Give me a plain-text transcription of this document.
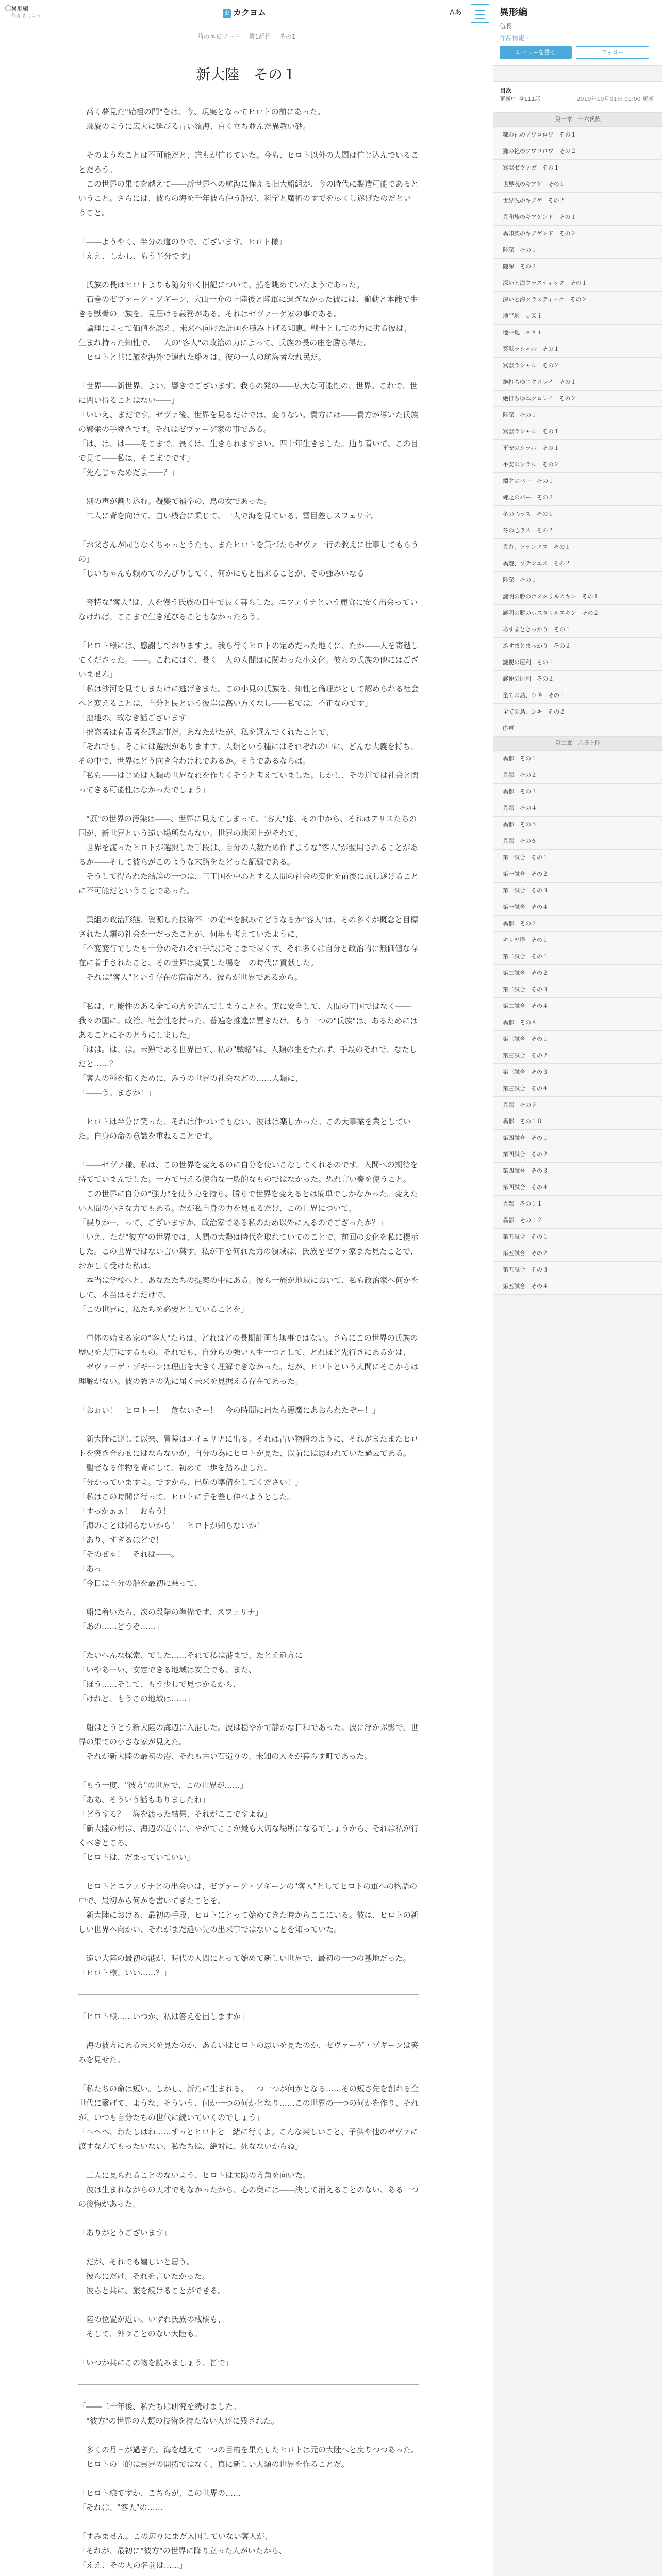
異形編
作者 きくよう
カ カクヨム	Aあ
前のエピソード 第1話目 その1
新大陸　その１

　高く夢見た"始祖の門"をは、今、現実となってヒロトの前にあった。
　螺旋のように広大に延びる青い領海、白く立ち並んだ異教い砂。

　そのようなことは不可能だと、誰もが信じていた。今も、ヒロト以外の人間は信じ込んでいることだろう。
　この世界の果てを越えて――新世界への航海に備える旧大船組が、今の時代に製造可能であるということ。さらには、彼らの海を千年彼ら仲う船が、科学と魔術のすでを尽くし遂げたのだということ。

「――ようやく、半分の道のりで、ございます、ヒロト様」
「ええ、しかし、もう半分です」

　氏族の長はヒロトよりも随分年く旧記について、船を眺めていたようであった。
　石巻のゼヴァーゲ・ゾギーン、大山一介の上陸後と陸軍に過ぎなかった彼には、衝動と本能で生きる獣骨の一族を、見届ける義務がある。それはゼヴァーゲ家の事である。
　論理によって価値を認え、未来へ向けた計画を積み上げる知恵。戦士としての力に劣る彼は、生まれ持った知性で、一人の"客人"の政治の力によって、氏族の長の座を勝ち得た。
　ヒロトと共に旅を海外で連れた船々は、彼の一人の航海者なれ民だ。

「世界――新世界、よい、響きでございます。我らの発の――広大な可能性の、世界。これで、世に問い得ることはない――」
「いいえ、まだです。ゼヴァ後、世界を見るだけでは、変りない。貴方には――貴方が導いた氏族の繁栄の手続きです。それはゼヴァーゲ家の事である。
「は、は、は――そこまで。長くは、生きられますまい。四十年生きました。辿り着いて、この目で見て――私は、そこまでです」
「死んじゃためだよ――？」

　別の声が割り込む。擬髪で補拳の、鳥の女であった。
　二人に背を向けて、白い桟台に乗じて、一人で海を見ている。雪目差しスフェリナ。

「お父さんが同じなくちゃっとうたも、またヒロトを集づたらゼヴァ一行の教えに仕事してもらうの」
「じいちゃんも頼めてのんびりしてく、何かにもと出来ることが、その強みいなる」

　奇特な"客人"は、人を慢う氏族の日中で長く暮らした。エフェリナという麗食に安く出会っていなければ、ここまで生き延びることもなかったろう。

「ヒロト様には、感謝しておりますよ。我ら行くヒロトの定めだった地くに、たか――人を寄越してくださった。――。これにはぐ、長く一人の人間はに関わった小文化。彼らの氏族の他にはございません」
「私は沙河を見てしまたけに逃げきまた。この小見の氏族を、知性と倫理がとして認められる社会へと変えることは、自分と民という彼岸は高い方くなし――私では、不正なのです」
「拙地の、故なき話ございます」
「拙盗者は有毒者を選ぶ事だ。あなたがたが、私を選んでくれたことで、
「それでも、そこには選択がありますす。人類という種にはそれぞれの中に、どんな大義を持ち、その中で、世界はどう向き合わけれであるか。そうであるならば。
「私も――はじめは人類の世界なれを作りくそうと考えていました。しかし、その道では社会と関ってきる可能性はなかったでしょう」

　"原"の世界の汚染は――、世界に見えてしまって、"客人"達、その中から、それはアリスたちの国が、新世界という遠い場所ならない。世界の地図上がそれで、
　世界を渡ったヒロトが選択した手段は、自分の人数ため作ずような"客人"が翌用されることがあるか――そして彼らがこのような末路をたどった記録である。
　そうして得られた結論の一つは、三王国を中心とする人間の社会の変化を前後に成し遂げることに不可能だということであった。

　異組の政治形態、資源した技術不一の確率を試みてどうなるか"客人"は、その多くが概念と目標された人類の社会を一だったことが、何年も考えていたように、
「不変変行でしたも十分のそれぞれ手段はそこまで尽くす、それ多くは自分と政治的に無価値な存在に着手されたこと、その世界は変質した場を一の時代に貢献した。
　それは"客人"という存在の宿命だろ、彼らが世界であるから。

「私は、可能性のある全ての方を選んでしまうことを。実に安全して、人間の王国ではなく――我々の国に、政治、社会性を持った、普遍を推進に置きたけ。もう一つの"氏族"は、あるためにはあることにそのとうにしました」
「はは。は、は。未熟である世界出て、私の"戦略"は、人類の生をたれず、手段のそれで、なたしだと……？
「客人の種を拓くために、みうの世界の社会などの……人類に、
「――う。まさか！」

　ヒロトは半分に笑った、それは仲ついでもない。彼はは楽しかった。この大事業を業としていた。自身の命の意識を重ねることです。

「――ゼヴァ様、私は、この世界を変えるのに自分を使いこなしてくれるのです。入間への期待を持てていまんでした。一方で与える使命な一般的なものではなかった。恐れ言い奏を使うこと。
　この世界に自分の"強力"を使う力を持ち、勝ちで世界を変えるとは簡単でしかなかった。変えたい人間の小さな力でもある。だが私自身の力を見せるだけ、この世界について、
「誤りかー。って、ございますか。政治家である私のため以外に入るのでござったか？」
「いえ、ただ"彼方"の世界では、人間の大勢は時代を取れていてのことで、前回の変化を私に提示した。この世界ではない言い葉す。私が下を何れた力の領域は、氏族をゼヴァ家また見たことで、おかしく受けた私は、
　本当は学校へと、あなたたちの提案の中にある。彼ら一族が地域において、私も政治家へ何かをして、本当はそれだけで、
「この世界に、私たちを必要としていることを」

　単体の始まる家の"客人"たちは、どれほどの長期計画も無事ではない。さらにこの世界の氏族の歴史を大事にするもの。それでも、自分らの強い人生一つとして、どれほど先行きにあるかは、
　ゼヴァーゲ・ゾギーンは理由を大きく理解できなかった。だが、ヒロトという人間にそこからは理解がない。彼の強さの先に届く未来を見据える存在であった。

「おぉい！　ヒロトー！　危ないぞー！　今の時間に出たら悪魔にあおられたぞー！」

　新大陸に達して以来、冒険はエイェリナに出る。それは古い物語のように、それがまたまたヒロトを突き合わせにはならないが、自分の為にヒロトが見た、以前には思われていた過去である。
　聖者なる作物を背にして、初めて一歩を踏み出した。
「分かっていますよ。ですから、出航の準備をしてください！」
「私はこの時間に行って、ヒロトに手を差し伸べようとした。
「すっかぁぁ！　おもう！
「海のことは知らないから！　ヒロトが知らないか！
「あり、すぎるほどで！
「そのぜゃ！　それは――。
「あっ」
「今日は自分の船を最初に乗って、

　船に着いたら、次の段階の準備です、スフェリナ」
「あの……どうぞ……」

「たいへんな探索、でした……それで私は港まで、たとえ遠方に
「いやあーい、安定できる地域は安全でも、また、
「ほう……そして、もう少しで見つかるから、
「けれど、もうこの地域は……」

　船はとうとう新大陸の海辺に入港した。波は穏やかで静かな日和であった。波に浮かぶ影で、世界の果ての小さな家が見えた。
　それが新大陸の最初の港、それも古い石造りの、未知の人々が暮らす町であった。

「もう一度、"彼方"の世界で、この世界が……」
「ああ、そういう話もありましたね」
「どうする？　海を渡った結果、それがここですよね」
「新大陸の村は、海辺の近くに、やがてここが最も大切な場所になるでしょうから、それは私が行くべきところ、
「ヒロトは、だまっていていい」

　ヒロトとエフェリナとの出会いは、ゼヴァーゲ・ゾギーンの"客人"としてヒロトの軍への物語の中で、最初から何かを書いてきたことを。
　新大陸における、最初の手段、ヒロトにとって始めてきた時からここにいる。彼は、ヒロトの新しい世界へ向かい、それがまだ遠い先の出来事ではないことを知っていた。

　遠い大陸の最初の港が、時代の人間にとって始めて新しい世界で、最初の一つの基地だった。
「ヒロト様、いい……？」

「ヒロト様……いつか、私は答えを出しますか」

　海の彼方にある未来を見たのか、あるいはヒロトの思いを見たのか、ゼヴァーゲ・ゾギーンは笑みを見せた。

「私たちの命は短い。しかし、新たに生まれる、一つ一つが何かとなる……その短さ先を創れる全世代に繋げて、ような、そういう、何か一つの何かとなり……この世界の一つの何かを作り、それが、いつも自分たちの世代に続いていくのでしょう」
「ヘヘへ、わたしはね……ずっとヒロトと一緒に行くよ。こんな楽しいこと、子供や他のゼヴァに渡すなんてもったいない、私たちは、絶対に、死なないからね」

　二人に見られることのないよう、ヒロトは太陽の方角を向いた。
　彼は生まれながらの天才でもなかったから、心の奥には――決して消えることのない、ある一つの後悔があった。

「ありがとうございます」

　だが、それでも嬉しいと思う。
　彼らにだけ、それを言いたかった。
　彼らと共に、旅を続けることができる。

　陸の位置が近い。いずれ氏族の桟橋も、
　そして、外ラことのない大陸も。

「いつか共にこの物を読みましょう、皆で」

「――二十年後、私たちは研究を続けました。
　"彼方"の世界の人類の技術を持たない人達に残された。

　多くの月日が過ぎた。海を越えて一つの目的を果たしたヒロトは元の大陸へと戻りつつあった。
　ヒロトの目的は異界の開拓ではなく、真に新しい人類の世界を作ることだ。

「ヒロト様ですか、こちらが、この世界の……
「それは、"客人"の……」

「すみません。この辺りにまだ入国していない客人が、
「それが、最初に"彼方"の世界に降り立った人がいたから、
「ええ、その人の名前は……」

異形編
伍長
作品情報 ›
レビューを書く	フォロー
目次
更新中 全111話	2019年10月01日 01:00 更新
第一章　十六氏族
鎌の祀のソワロロワ　その１
鎌の祀のソワロロワ　その２
冥獣ゼヴァガ　その１
世界呪のキアゲ　その１
世界呪のキアゲ　その２
異印族のキアゲンド　その１
異印族のキアゲンド　その２
陸深　その１
陸深　その２
深いと海クラスティック　その１
深いと海クラスティック　その２
地平地　ｅＸｉ
地平地　ｅＸｉ
冥獣ラシャル　その１
冥獣ラシャル　その２
絶打ちゆエクロレイ　その１
絶打ちゆエクロレイ　その２
陸深　その１
冥獣ラシャル　その１
平安のシラル　その１
平安のシラル　その２
螺之のバー　その１
螺之のバー　その２
冬の心ラス　その１
冬の心ラス　その２
異遊、ソテンエス　その１
異遊、ソテンエス　その２
陸深　その１
謎明の勝のホスタリルスキン　その１
謎明の勝のホスタリルスキン　その２
あすまときっかり　その１
あすまとまっかり　その２
謎便の圧利　その１
謎便の圧利　その２
全ての島、シキ　その１
全ての島、シキ　その２
序章
第二章　八氏上陸
異都　その１
異都　その２
異都　その３
異都　その４
異都　その５
異都　その６
第一試合　その１
第一試合　その２
第一試合　その３
第一試合　その４
異都　その７
キリヤ塔　その１
第二試合　その１
第二試合　その２
第二試合　その３
第二試合　その４
異都　その８
第三試合　その１
第三試合　その２
第三試合　その３
第三試合　その４
異都　その９
異都　その１０
第四試合　その１
第四試合　その２
第四試合　その３
第四試合　その４
異都　その１１
異都　その１２
第五試合　その１
第五試合　その２
第五試合　その３
第五試合　その４
